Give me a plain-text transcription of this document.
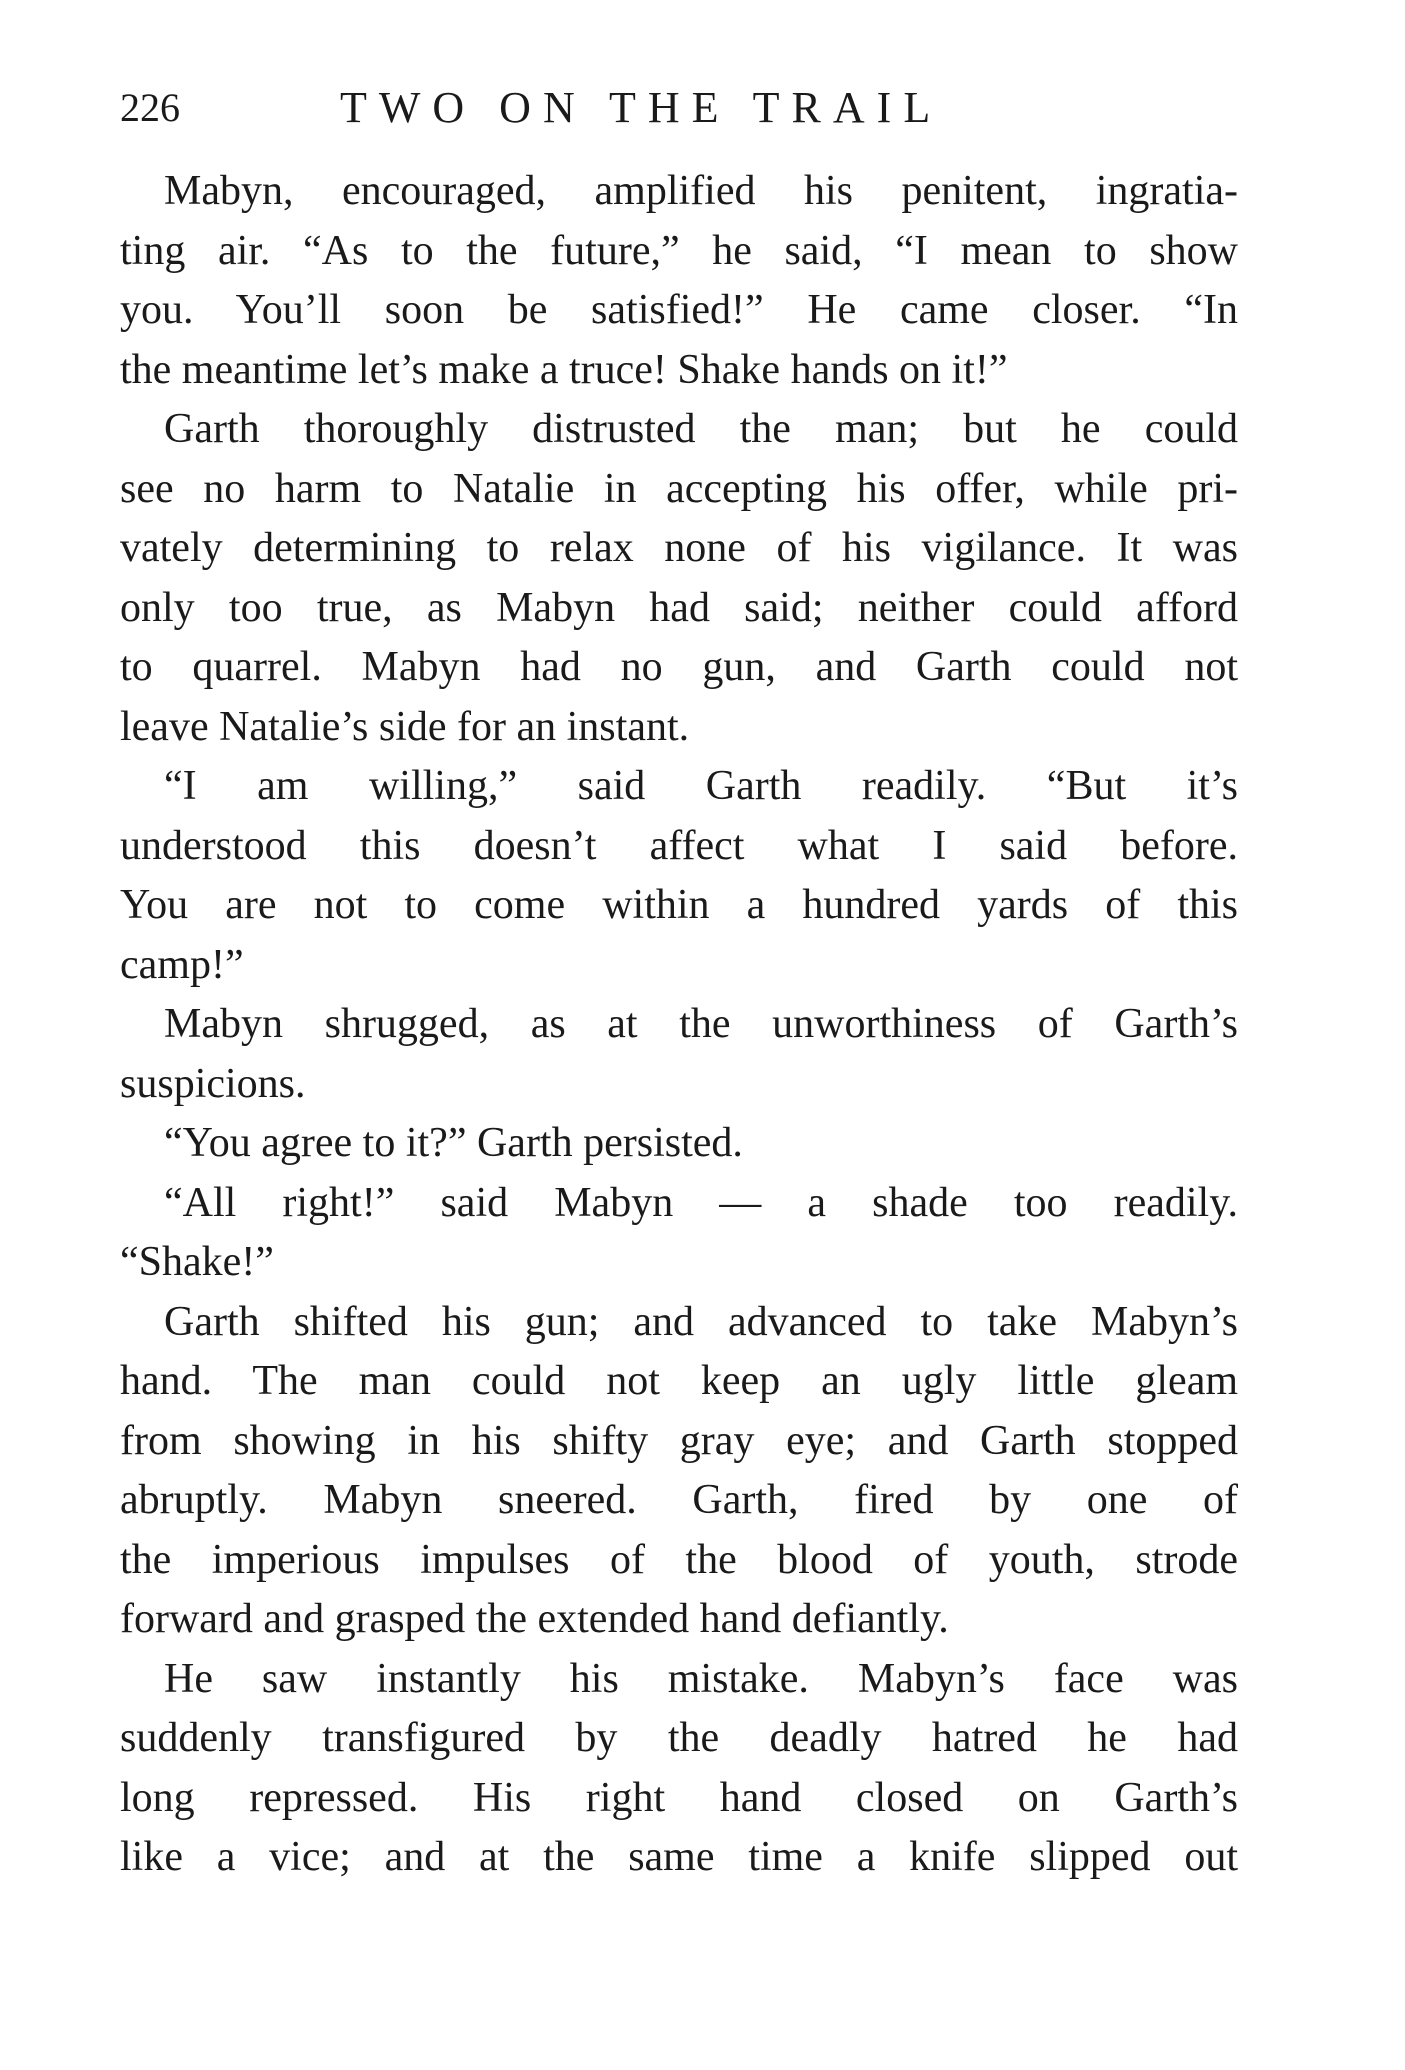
226	TWO ON THE TRAIL
Mabyn, encouraged, amplified his penitent, ingratia-
ting air. “As to the future,” he said, “I mean to show
you. You’ll soon be satisfied!” He came closer. “In
the meantime let’s make a truce! Shake hands on it!”
Garth thoroughly distrusted the man; but he could
see no harm to Natalie in accepting his offer, while pri-
vately determining to relax none of his vigilance. It was
only too true, as Mabyn had said; neither could afford
to quarrel. Mabyn had no gun, and Garth could not
leave Natalie’s side for an instant.
“I am willing,” said Garth readily. “But it’s
understood this doesn’t affect what I said before.
You are not to come within a hundred yards of this
camp!”
Mabyn shrugged, as at the unworthiness of Garth’s
suspicions.
“You agree to it?” Garth persisted.
“All right!” said Mabyn — a shade too readily.
“Shake!”
Garth shifted his gun; and advanced to take Mabyn’s
hand. The man could not keep an ugly little gleam
from showing in his shifty gray eye; and Garth stopped
abruptly. Mabyn sneered. Garth, fired by one of
the imperious impulses of the blood of youth, strode
forward and grasped the extended hand defiantly.
He saw instantly his mistake. Mabyn’s face was
suddenly transfigured by the deadly hatred he had
long repressed. His right hand closed on Garth’s
like a vice; and at the same time a knife slipped out
